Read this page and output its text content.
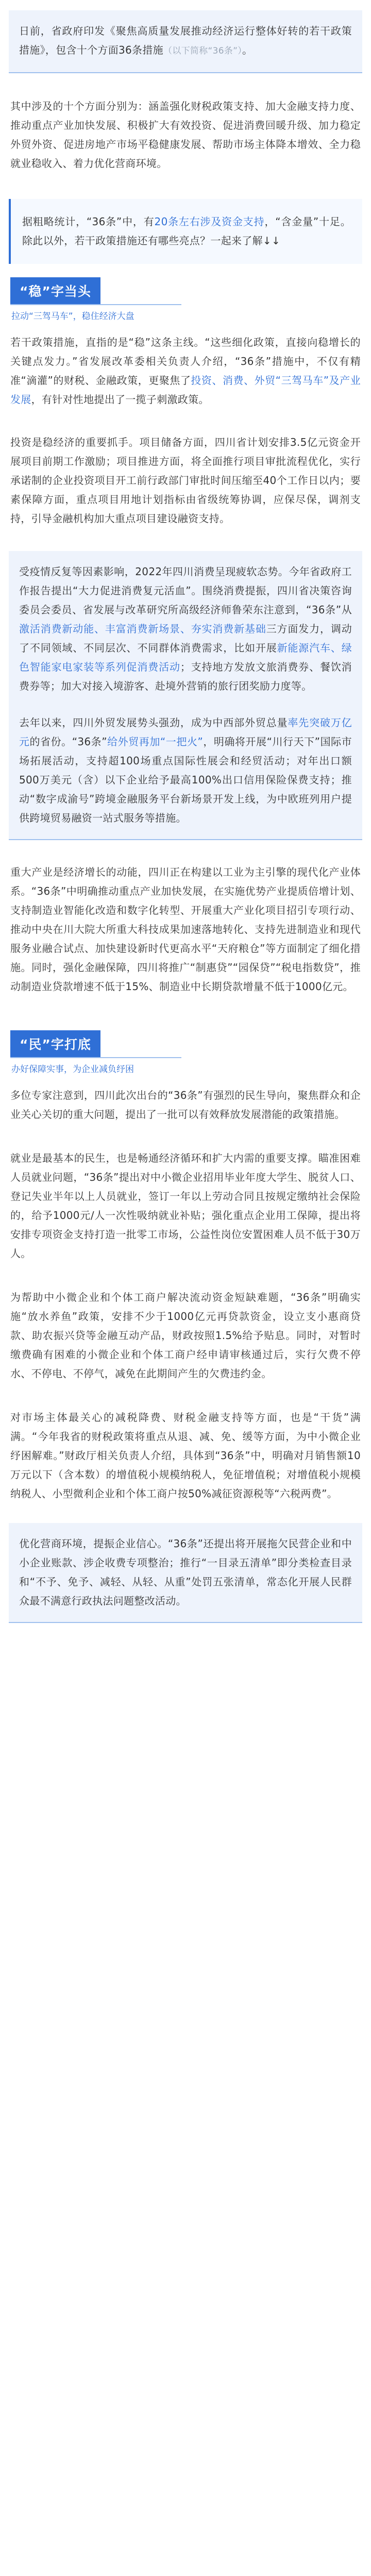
日前，省政府印发《聚焦高质量发展推动经济运行整体好转的若干政策措施》，包含十个方面36条措施（以下简称“36条”）。

其中涉及的十个方面分别为：涵盖强化财税政策支持、加大金融支持力度、推动重点产业加快发展、积极扩大有效投资、促进消费回暖升级、加力稳定外贸外资、促进房地产市场平稳健康发展、帮助市场主体降本增效、全力稳就业稳收入、着力优化营商环境。

据粗略统计，“36条”中，有20条左右涉及资金支持，“含金量”十足。除此以外，若干政策措施还有哪些亮点？一起来了解↓↓

“稳”字当头
拉动“三驾马车”，稳住经济大盘

若干政策措施，直指的是“稳”这条主线。“这些细化政策，直接向稳增长的关键点发力。”省发展改革委相关负责人介绍，“36条”措施中，不仅有精准“滴灌”的财税、金融政策，更聚焦了投资、消费、外贸“三驾马车”及产业发展，有针对性地提出了一揽子刺激政策。

投资是稳经济的重要抓手。项目储备方面，四川省计划安排3.5亿元资金开展项目前期工作激励；项目推进方面，将全面推行项目审批流程优化，实行承诺制的企业投资项目开工前行政部门审批时间压缩至40个工作日以内；要素保障方面，重点项目用地计划指标由省级统筹协调，应保尽保，调剂支持，引导金融机构加大重点项目建设融资支持。

受疫情反复等因素影响，2022年四川消费呈现疲软态势。今年省政府工作报告提出“大力促进消费复元活血”。围绕消费提振，四川省决策咨询委员会委员、省发展与改革研究所高级经济师鲁荣东注意到，“36条”从激活消费新动能、丰富消费新场景、夯实消费新基础三方面发力，调动了不同领域、不同层次、不同群体消费需求，比如开展新能源汽车、绿色智能家电家装等系列促消费活动；支持地方发放文旅消费券、餐饮消费券等；加大对接入境游客、赴境外营销的旅行团奖励力度等。

去年以来，四川外贸发展势头强劲，成为中西部外贸总量率先突破万亿元的省份。“36条”给外贸再加“一把火”，明确将开展“川行天下”国际市场拓展活动，支持超100场重点国际性展会和经贸活动；对年出口额500万美元（含）以下企业给予最高100%出口信用保险保费支持；推动“数字成渝号”跨境金融服务平台新场景开发上线，为中欧班列用户提供跨境贸易融资一站式服务等措施。

重大产业是经济增长的动能，四川正在构建以工业为主引擎的现代化产业体系。“36条”中明确推动重点产业加快发展，在实施优势产业提质倍增计划、支持制造业智能化改造和数字化转型、开展重大产业化项目招引专项行动、推动中央在川大院大所重大科技成果加速落地转化、支持先进制造业和现代服务业融合试点、加快建设新时代更高水平“天府粮仓”等方面制定了细化措施。同时，强化金融保障，四川将推广“制惠贷”“园保贷”“税电指数贷”，推动制造业贷款增速不低于15%、制造业中长期贷款增量不低于1000亿元。

“民”字打底
办好保障实事，为企业减负纾困

多位专家注意到，四川此次出台的“36条”有强烈的民生导向，聚焦群众和企业关心关切的重大问题，提出了一批可以有效释放发展潜能的政策措施。

就业是最基本的民生，也是畅通经济循环和扩大内需的重要支撑。瞄准困难人员就业问题，“36条”提出对中小微企业招用毕业年度大学生、脱贫人口、登记失业半年以上人员就业，签订一年以上劳动合同且按规定缴纳社会保险的，给予1000元/人一次性吸纳就业补贴；强化重点企业用工保障，提出将安排专项资金支持打造一批零工市场，公益性岗位安置困难人员不低于30万人。

为帮助中小微企业和个体工商户解决流动资金短缺难题，“36条”明确实施“放水养鱼”政策，安排不少于1000亿元再贷款资金，设立支小惠商贷款、助农振兴贷等金融互动产品，财政按照1.5%给予贴息。同时，对暂时缴费确有困难的小微企业和个体工商户经申请审核通过后，实行欠费不停水、不停电、不停气，减免在此期间产生的欠费违约金。

对市场主体最关心的减税降费、财税金融支持等方面，也是“干货”满满。“今年我省的财税政策将重点从退、减、免、缓等方面，为中小微企业纾困解难。”财政厅相关负责人介绍，具体到“36条”中，明确对月销售额10万元以下（含本数）的增值税小规模纳税人，免征增值税；对增值税小规模纳税人、小型微利企业和个体工商户按50%减征资源税等“六税两费”。

优化营商环境，提振企业信心。“36条”还提出将开展拖欠民营企业和中小企业账款、涉企收费专项整治；推行“一目录五清单”即分类检查目录和“不予、免予、减轻、从轻、从重”处罚五张清单，常态化开展人民群众最不满意行政执法问题整改活动。
